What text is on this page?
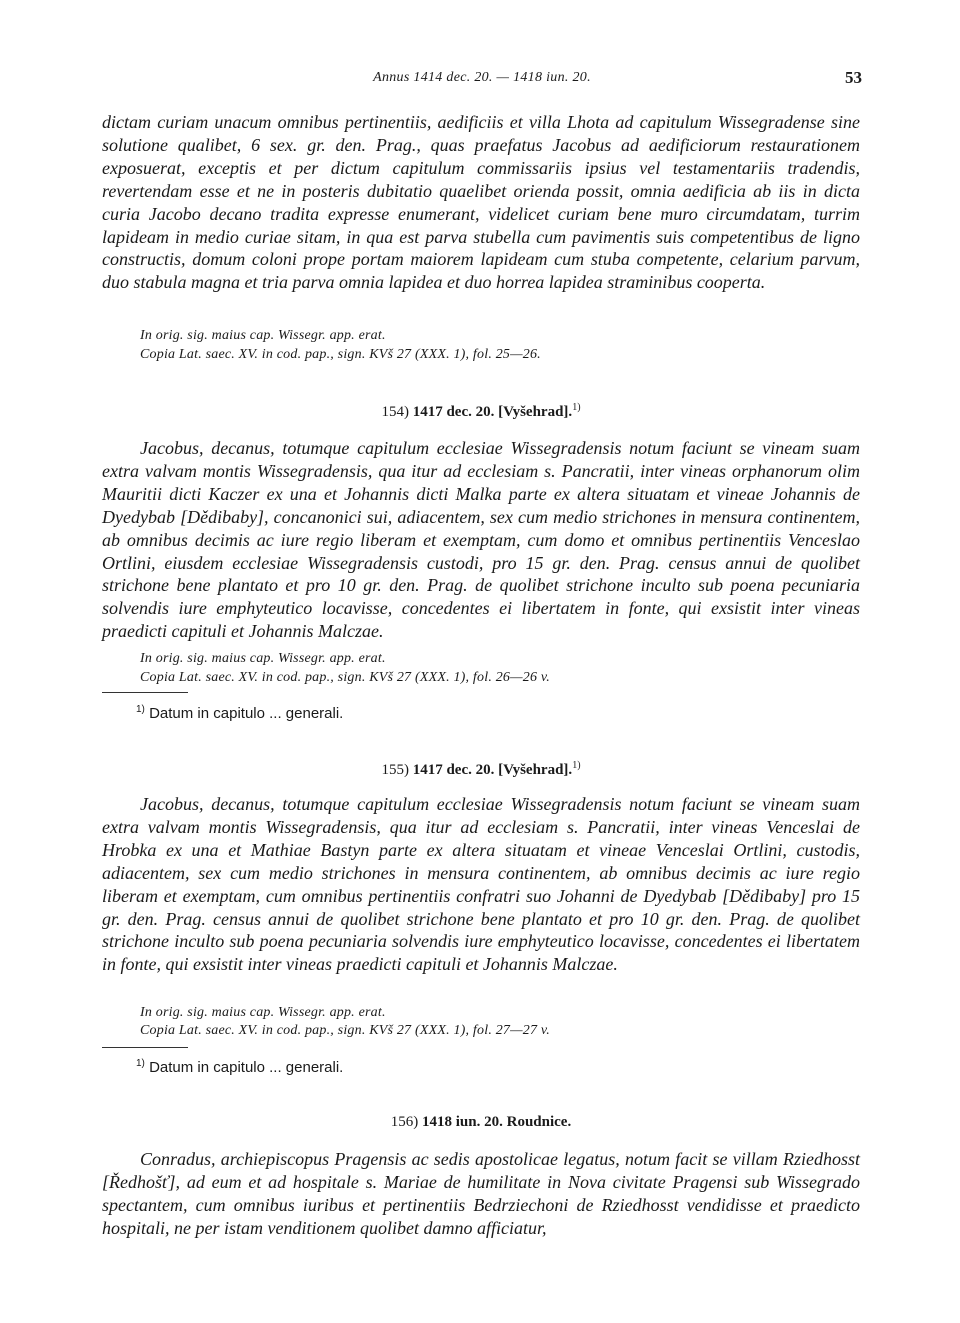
Annus 1414 dec. 20. — 1418 iun. 20.	53

dictam curiam unacum omnibus pertinentiis, aedificiis et villa Lhota ad capitulum Wissegradense sine solutione qualibet, 6 sex. gr. den. Prag., quas praefatus Jacobus ad aedificiorum restaurationem exposuerat, exceptis et per dictum capitulum commissariis ipsius vel testamentariis tradendis, revertendam esse et ne in posteris dubitatio quaelibet orienda possit, omnia aedificia ab iis in dicta curia Jacobo decano tradita expresse enumerant, videlicet curiam bene muro circumdatam, turrim lapideam in medio curiae sitam, in qua est parva stubella cum pavimentis suis competentibus de ligno constructis, domum coloni prope portam maiorem lapideam cum stuba competente, celarium parvum, duo stabula magna et tria parva omnia lapidea et duo horrea lapidea straminibus cooperta.

In orig. sig. maius cap. Wissegr. app. erat.
Copia Lat. saec. XV. in cod. pap., sign. KVš 27 (XXX. 1), fol. 25—26.
154) 1417 dec. 20. [Vyšehrad].$^{1)}$

Jacobus, decanus, totumque capitulum ecclesiae Wissegradensis notum faciunt se vineam suam extra valvam montis Wissegradensis, qua itur ad ecclesiam s. Pancratii, inter vineas orphanorum olim Mauritii dicti Kaczer ex una et Johannis dicti Malka parte ex altera situatam et vineae Johannis de Dyedybab [Dědibaby], concanonici sui, adiacentem, sex cum medio strichones in mensura continentem, ab omnibus decimis ac iure regio liberam et exemptam, cum domo et omnibus pertinentiis Venceslao Ortlini, eiusdem ecclesiae Wissegradensis custodi, pro 15 gr. den. Prag. census annui de quolibet strichone bene plantato et pro 10 gr. den. Prag. de quolibet strichone inculto sub poena pecuniaria solvendis iure emphyteutico locavisse, concedentes ei libertatem in fonte, qui exsistit inter vineas praedicti capituli et Johannis Malczae.

In orig. sig. maius cap. Wissegr. app. erat.
Copia Lat. saec. XV. in cod. pap., sign. KVš 27 (XXX. 1), fol. 26—26 v.
$^{1)}$ Datum in capitulo ... generali.
155) 1417 dec. 20. [Vyšehrad].$^{1)}$

Jacobus, decanus, totumque capitulum ecclesiae Wissegradensis notum faciunt se vineam suam extra valvam montis Wissegradensis, qua itur ad ecclesiam s. Pancratii, inter vineas Venceslai de Hrobka ex una et Mathiae Bastyn parte ex altera situatam et vineae Venceslai Ortlini, custodis, adiacentem, sex cum medio strichones in mensura continentem, ab omnibus decimis ac iure regio liberam et exemptam, cum omnibus pertinentiis confratri suo Johanni de Dyedybab [Dědibaby] pro 15 gr. den. Prag. census annui de quolibet strichone bene plantato et pro 10 gr. den. Prag. de quolibet strichone inculto sub poena pecuniaria solvendis iure emphyteutico locavisse, concedentes ei libertatem in fonte, qui exsistit inter vineas praedicti capituli et Johannis Malczae.

In orig. sig. maius cap. Wissegr. app. erat.
Copia Lat. saec. XV. in cod. pap., sign. KVš 27 (XXX. 1), fol. 27—27 v.
$^{1)}$ Datum in capitulo ... generali.
156) 1418 iun. 20. Roudnice.

Conradus, archiepiscopus Pragensis ac sedis apostolicae legatus, notum facit se villam Rziedhosst [Ředhošť], ad eum et ad hospitale s. Mariae de humilitate in Nova civitate Pragensi sub Wissegrado spectantem, cum omnibus iuribus et pertinentiis Bedrziechoni de Rziedhosst vendidisse et praedicto hospitali, ne per istam venditionem quolibet damno afficiatur,
